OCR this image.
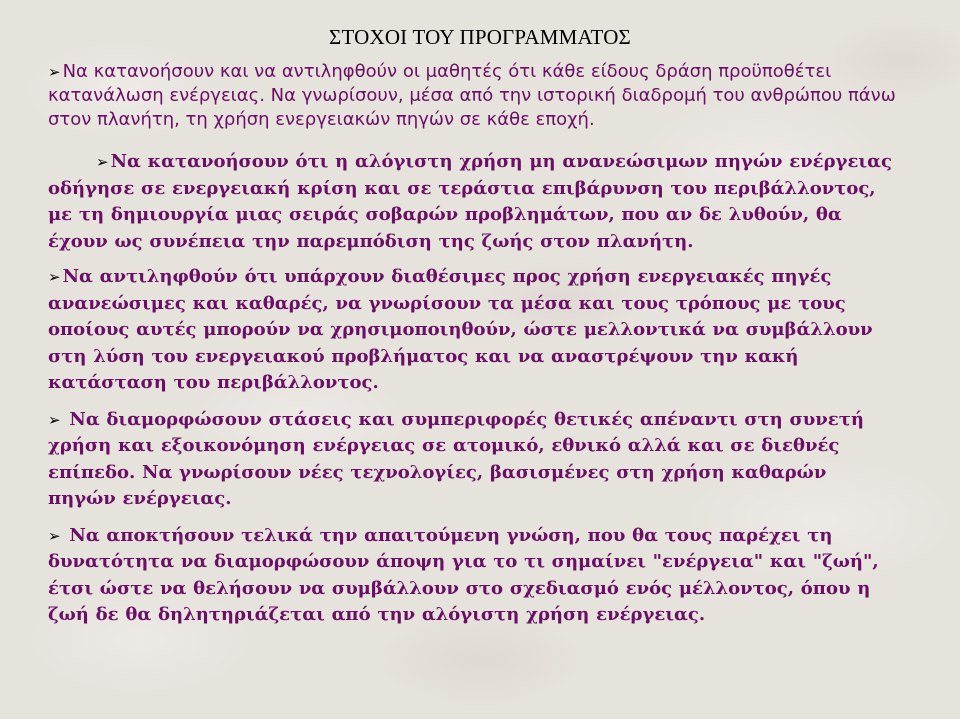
ΣΤΟΧΟΙ ΤΟΥ ΠΡΟΓΡΑΜΜΑΤΟΣ

➢ Να κατανοήσουν και να αντιληφθούν οι μαθητές ότι κάθε είδους δράση προϋποθέτει κατανάλωση ενέργειας. Να γνωρίσουν, μέσα από την ιστορική διαδρομή του ανθρώπου πάνω στον πλανήτη, τη χρήση ενεργειακών πηγών σε κάθε εποχή.

➢ Να κατανοήσουν ότι η αλόγιστη χρήση μη ανανεώσιμων πηγών ενέργειας οδήγησε σε ενεργειακή κρίση και σε τεράστια επιβάρυνση του περιβάλλοντος, με τη δημιουργία μιας σειράς σοβαρών προβλημάτων, που αν δε λυθούν, θα έχουν ως συνέπεια την παρεμπόδιση της ζωής στον πλανήτη.

➢ Να αντιληφθούν ότι υπάρχουν διαθέσιμες προς χρήση ενεργειακές πηγές ανανεώσιμες και καθαρές, να γνωρίσουν τα μέσα και τους τρόπους με τους οποίους αυτές μπορούν να χρησιμοποιηθούν, ώστε μελλοντικά να συμβάλλουν στη λύση του ενεργειακού προβλήματος και να αναστρέψουν την κακή κατάσταση του περιβάλλοντος.

➢ Να διαμορφώσουν στάσεις και συμπεριφορές θετικές απέναντι στη συνετή χρήση και εξοικονόμηση ενέργειας σε ατομικό, εθνικό αλλά και σε διεθνές επίπεδο. Να γνωρίσουν νέες τεχνολογίες, βασισμένες στη χρήση καθαρών πηγών ενέργειας.

➢ Να αποκτήσουν τελικά την απαιτούμενη γνώση, που θα τους παρέχει τη δυνατότητα να διαμορφώσουν άποψη για το τι σημαίνει "ενέργεια" και "ζωή", έτσι ώστε να θελήσουν να συμβάλλουν στο σχεδιασμό ενός μέλλοντος, όπου η ζωή δε θα δηλητηριάζεται από την αλόγιστη χρήση ενέργειας.
